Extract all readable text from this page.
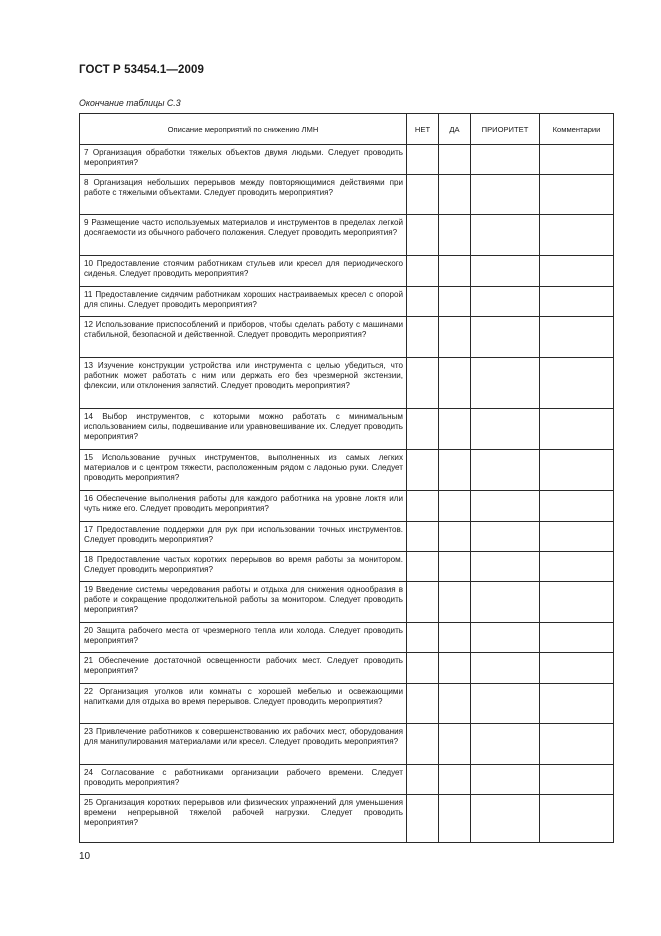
ГОСТ Р 53454.1—2009
Окончание таблицы С.3
Описание мероприятий по снижению ЛМН	НЕТ	ДА	ПРИОРИТЕТ	Комментарии
7 Организация обработки тяжелых объектов двумя людьми. Следует проводить мероприятия?				
8 Организация небольших перерывов между повторяющимися действиями при работе с тяжелыми объектами. Следует проводить мероприятия?				
9 Размещение часто используемых материалов и инструментов в пределах легкой досягаемости из обычного рабочего положения. Следует проводить мероприятия?				
10 Предоставление стоячим работникам стульев или кресел для периодического сиденья. Следует проводить мероприятия?				
11 Предоставление сидячим работникам хороших настраиваемых кресел с опорой для спины. Следует проводить мероприятия?				
12 Использование приспособлений и приборов, чтобы сделать работу с машинами стабильной, безопасной и действенной. Следует проводить мероприятия?				
13 Изучение конструкции устройства или инструмента с целью убедиться, что работник может работать с ним или держать его без чрезмерной экстензии, флексии, или отклонения запястий. Следует проводить мероприятия?				
14 Выбор инструментов, с которыми можно работать с минимальным использованием силы, подвешивание или уравновешивание их. Следует проводить мероприятия?				
15 Использование ручных инструментов, выполненных из самых легких материалов и с центром тяжести, расположенным рядом с ладонью руки. Следует проводить мероприятия?				
16 Обеспечение выполнения работы для каждого работника на уровне локтя или чуть ниже его. Следует проводить мероприятия?				
17 Предоставление поддержки для рук при использовании точных инструментов. Следует проводить мероприятия?				
18 Предоставление частых коротких перерывов во время работы за монитором. Следует проводить мероприятия?				
19 Введение системы чередования работы и отдыха для снижения однообразия в работе и сокращение продолжительной работы за монитором. Следует проводить мероприятия?				
20 Защита рабочего места от чрезмерного тепла или холода. Следует проводить мероприятия?				
21 Обеспечение достаточной освещенности рабочих мест. Следует проводить мероприятия?				
22 Организация уголков или комнаты с хорошей мебелью и освежающими напитками для отдыха во время перерывов. Следует проводить мероприятия?				
23 Привлечение работников к совершенствованию их рабочих мест, оборудования для манипулирования материалами или кресел. Следует проводить мероприятия?				
24 Согласование с работниками организации рабочего времени. Следует проводить мероприятия?				
25 Организация коротких перерывов или физических упражнений для уменьшения времени непрерывной тяжелой рабочей нагрузки. Следует проводить мероприятия?				
10
